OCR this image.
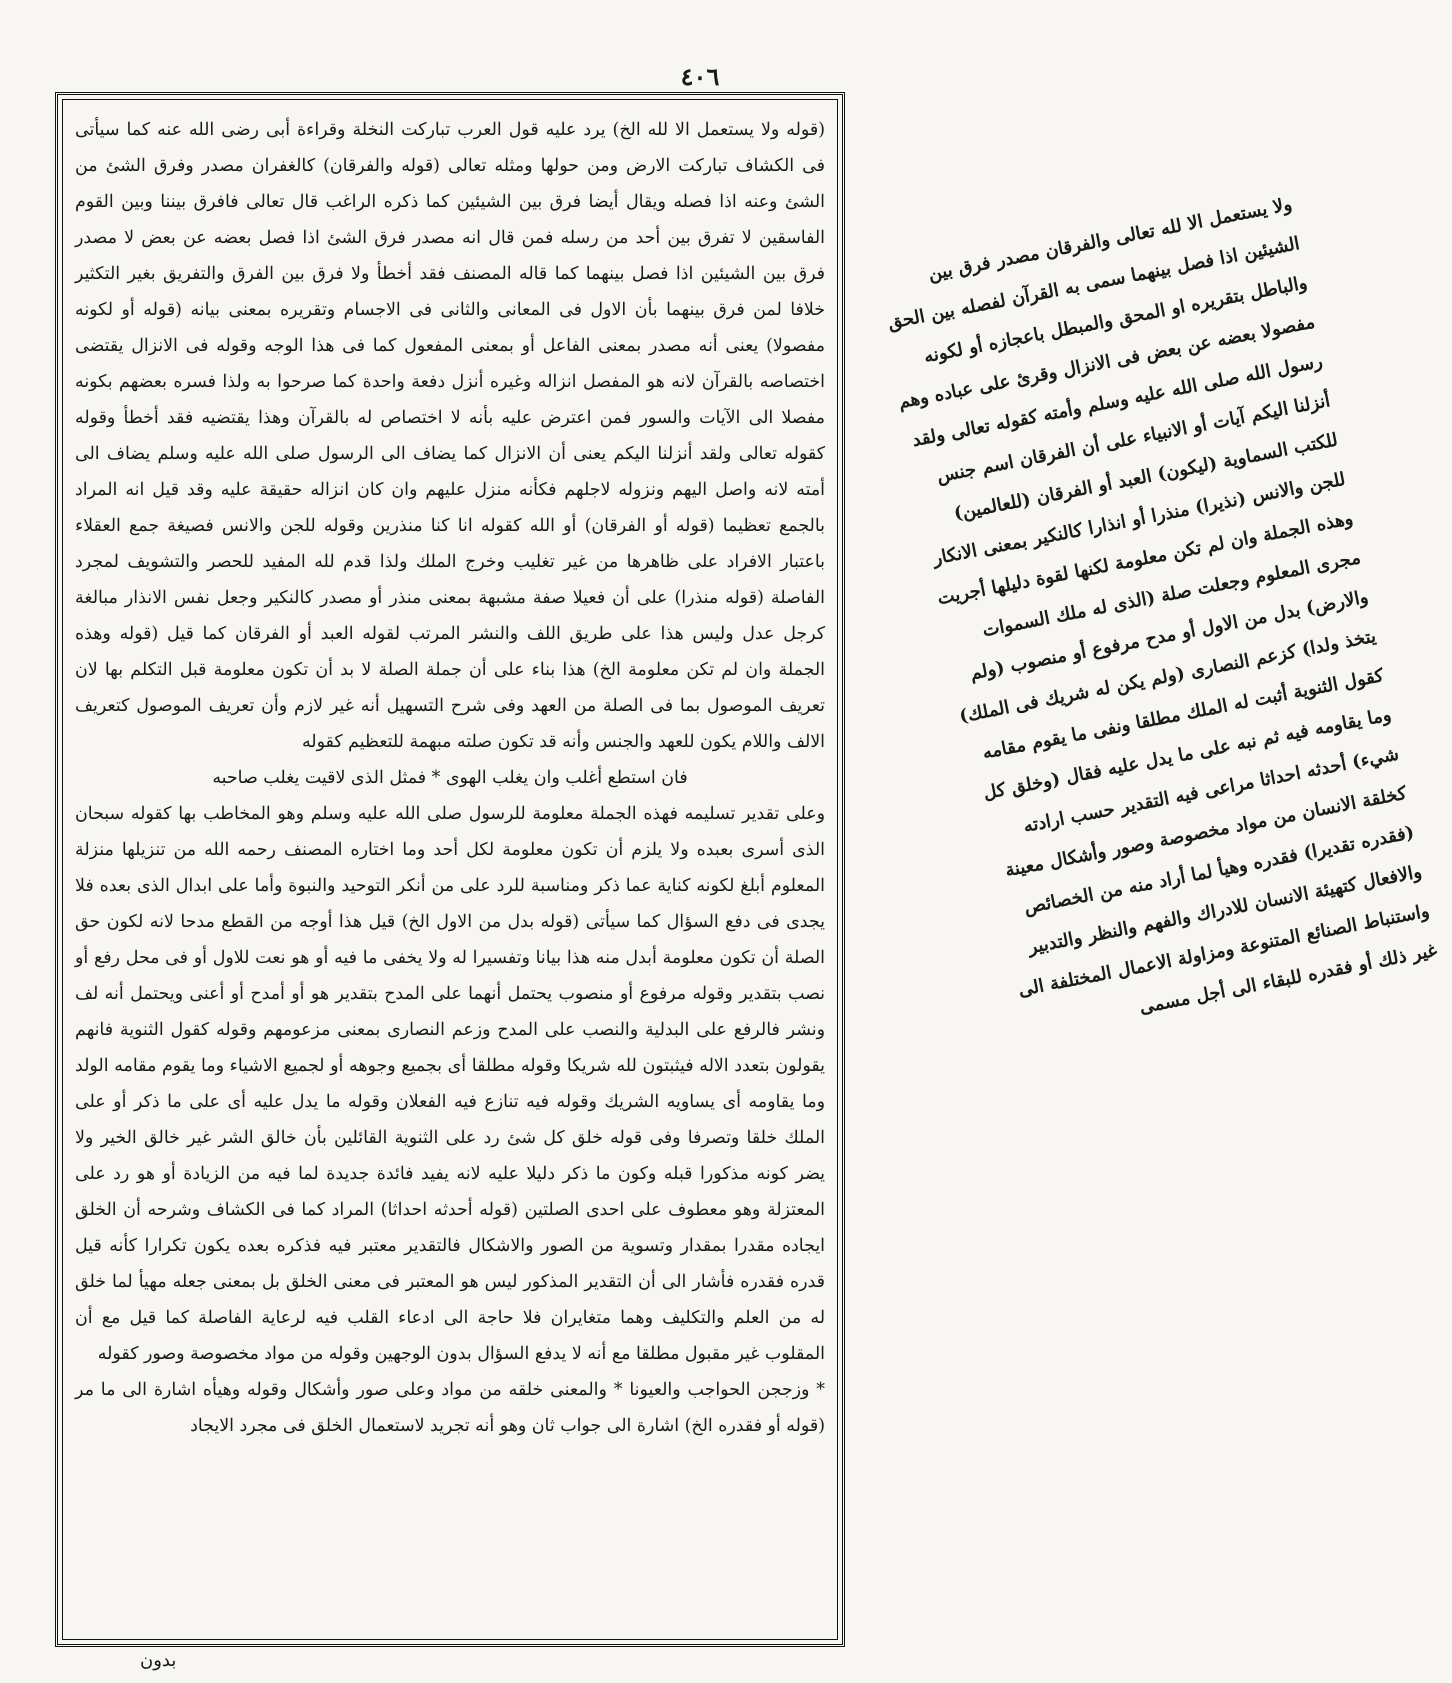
٤٠٦

(قوله ولا يستعمل الا لله الخ) يرد عليه قول العرب تباركت النخلة وقراءة أبى رضى الله عنه كما سيأتى فى الكشاف تباركت الارض ومن حولها ومثله تعالى (قوله والفرقان) كالغفران مصدر وفرق الشئ من الشئ وعنه اذا فصله ويقال أيضا فرق بين الشيئين كما ذكره الراغب قال تعالى فافرق بيننا وبين القوم الفاسقين لا تفرق بين أحد من رسله فمن قال انه مصدر فرق الشئ اذا فصل بعضه عن بعض لا مصدر فرق بين الشيئين اذا فصل بينهما كما قاله المصنف فقد أخطأ ولا فرق بين الفرق والتفريق بغير التكثير خلافا لمن فرق بينهما بأن الاول فى المعانى والثانى فى الاجسام وتقريره بمعنى بيانه (قوله أو لكونه مفصولا) يعنى أنه مصدر بمعنى الفاعل أو بمعنى المفعول كما فى هذا الوجه وقوله فى الانزال يقتضى اختصاصه بالقرآن لانه هو المفصل انزاله وغيره أنزل دفعة واحدة كما صرحوا به ولذا فسره بعضهم بكونه مفصلا الى الآيات والسور فمن اعترض عليه بأنه لا اختصاص له بالقرآن وهذا يقتضيه فقد أخطأ وقوله كقوله تعالى ولقد أنزلنا اليكم يعنى أن الانزال كما يضاف الى الرسول صلى الله عليه وسلم يضاف الى أمته لانه واصل اليهم ونزوله لاجلهم فكأنه منزل عليهم وان كان انزاله حقيقة عليه وقد قيل انه المراد بالجمع تعظيما (قوله أو الفرقان) أو الله كقوله انا كنا منذرين وقوله للجن والانس فصيغة جمع العقلاء باعتبار الافراد على ظاهرها من غير تغليب وخرج الملك ولذا قدم لله المفيد للحصر والتشويف لمجرد الفاصلة (قوله منذرا) على أن فعيلا صفة مشبهة بمعنى منذر أو مصدر كالنكير وجعل نفس الانذار مبالغة كرجل عدل وليس هذا على طريق اللف والنشر المرتب لقوله العبد أو الفرقان كما قيل (قوله وهذه الجملة وان لم تكن معلومة الخ) هذا بناء على أن جملة الصلة لا بد أن تكون معلومة قبل التكلم بها لان تعريف الموصول بما فى الصلة من العهد وفى شرح التسهيل أنه غير لازم وأن تعريف الموصول كتعريف الالف واللام يكون للعهد والجنس وأنه قد تكون صلته مبهمة للتعظيم كقوله

فان استطع أغلب وان يغلب الهوى * فمثل الذى لاقيت يغلب صاحبه

وعلى تقدير تسليمه فهذه الجملة معلومة للرسول صلى الله عليه وسلم وهو المخاطب بها كقوله سبحان الذى أسرى بعبده ولا يلزم أن تكون معلومة لكل أحد وما اختاره المصنف رحمه الله من تنزيلها منزلة المعلوم أبلغ لكونه كناية عما ذكر ومناسبة للرد على من أنكر التوحيد والنبوة وأما على ابدال الذى بعده فلا يجدى فى دفع السؤال كما سيأتى (قوله بدل من الاول الخ) قيل هذا أوجه من القطع مدحا لانه لكون حق الصلة أن تكون معلومة أبدل منه هذا بيانا وتفسيرا له ولا يخفى ما فيه أو هو نعت للاول أو فى محل رفع أو نصب بتقدير وقوله مرفوع أو منصوب يحتمل أنهما على المدح بتقدير هو أو أمدح أو أعنى ويحتمل أنه لف ونشر فالرفع على البدلية والنصب على المدح وزعم النصارى بمعنى مزعومهم وقوله كقول الثنوية فانهم يقولون بتعدد الاله فيثبتون لله شريكا وقوله مطلقا أى بجميع وجوهه أو لجميع الاشياء وما يقوم مقامه الولد وما يقاومه أى يساويه الشريك وقوله فيه تنازع فيه الفعلان وقوله ما يدل عليه أى على ما ذكر أو على الملك خلقا وتصرفا وفى قوله خلق كل شئ رد على الثنوية القائلين بأن خالق الشر غير خالق الخير ولا يضر كونه مذكورا قبله وكون ما ذكر دليلا عليه لانه يفيد فائدة جديدة لما فيه من الزيادة أو هو رد على المعتزلة وهو معطوف على احدى الصلتين (قوله أحدثه احداثا) المراد كما فى الكشاف وشرحه أن الخلق ايجاده مقدرا بمقدار وتسوية من الصور والاشكال فالتقدير معتبر فيه فذكره بعده يكون تكرارا كأنه قيل قدره فقدره فأشار الى أن التقدير المذكور ليس هو المعتبر فى معنى الخلق بل بمعنى جعله مهيأ لما خلق له من العلم والتكليف وهما متغايران فلا حاجة الى ادعاء القلب فيه لرعاية الفاصلة كما قيل مع أن المقلوب غير مقبول مطلقا مع أنه لا يدفع السؤال بدون الوجهين وقوله من مواد مخصوصة وصور كقوله

* وزججن الحواجب والعيونا * والمعنى خلقه من مواد وعلى صور وأشكال وقوله وهيأه اشارة الى ما مر (قوله أو فقدره الخ) اشارة الى جواب ثان وهو أنه تجريد لاستعمال الخلق فى مجرد الايجاد

ولا يستعمل الا لله تعالى والفرقان مصدر فرق بين الشيئين اذا فصل بينهما سمى به القرآن لفصله بين الحق والباطل بتقريره او المحق والمبطل باعجازه أو لكونه مفصولا بعضه عن بعض فى الانزال وقرئ على عباده وهم رسول الله صلى الله عليه وسلم وأمته كقوله تعالى ولقد أنزلنا اليكم آيات أو الانبياء على أن الفرقان اسم جنس للكتب السماوية (ليكون) العبد أو الفرقان (للعالمين) للجن والانس (نذيرا) منذرا أو انذارا كالنكير بمعنى الانكار وهذه الجملة وان لم تكن معلومة لكنها لقوة دليلها أجريت مجرى المعلوم وجعلت صلة (الذى له ملك السموات والارض) بدل من الاول أو مدح مرفوع أو منصوب (ولم يتخذ ولدا) كزعم النصارى (ولم يكن له شريك فى الملك) كقول الثنوية أثبت له الملك مطلقا ونفى ما يقوم مقامه وما يقاومه فيه ثم نبه على ما يدل عليه فقال (وخلق كل شيء) أحدثه احداثا مراعى فيه التقدير حسب ارادته كخلقة الانسان من مواد مخصوصة وصور وأشكال معينة (فقدره تقديرا) فقدره وهيأ لما أراد منه من الخصائص والافعال كتهيئة الانسان للادراك والفهم والنظر والتدبير واستنباط الصنائع المتنوعة ومزاولة الاعمال المختلفة الى غير ذلك أو فقدره للبقاء الى أجل مسمى

بدون
